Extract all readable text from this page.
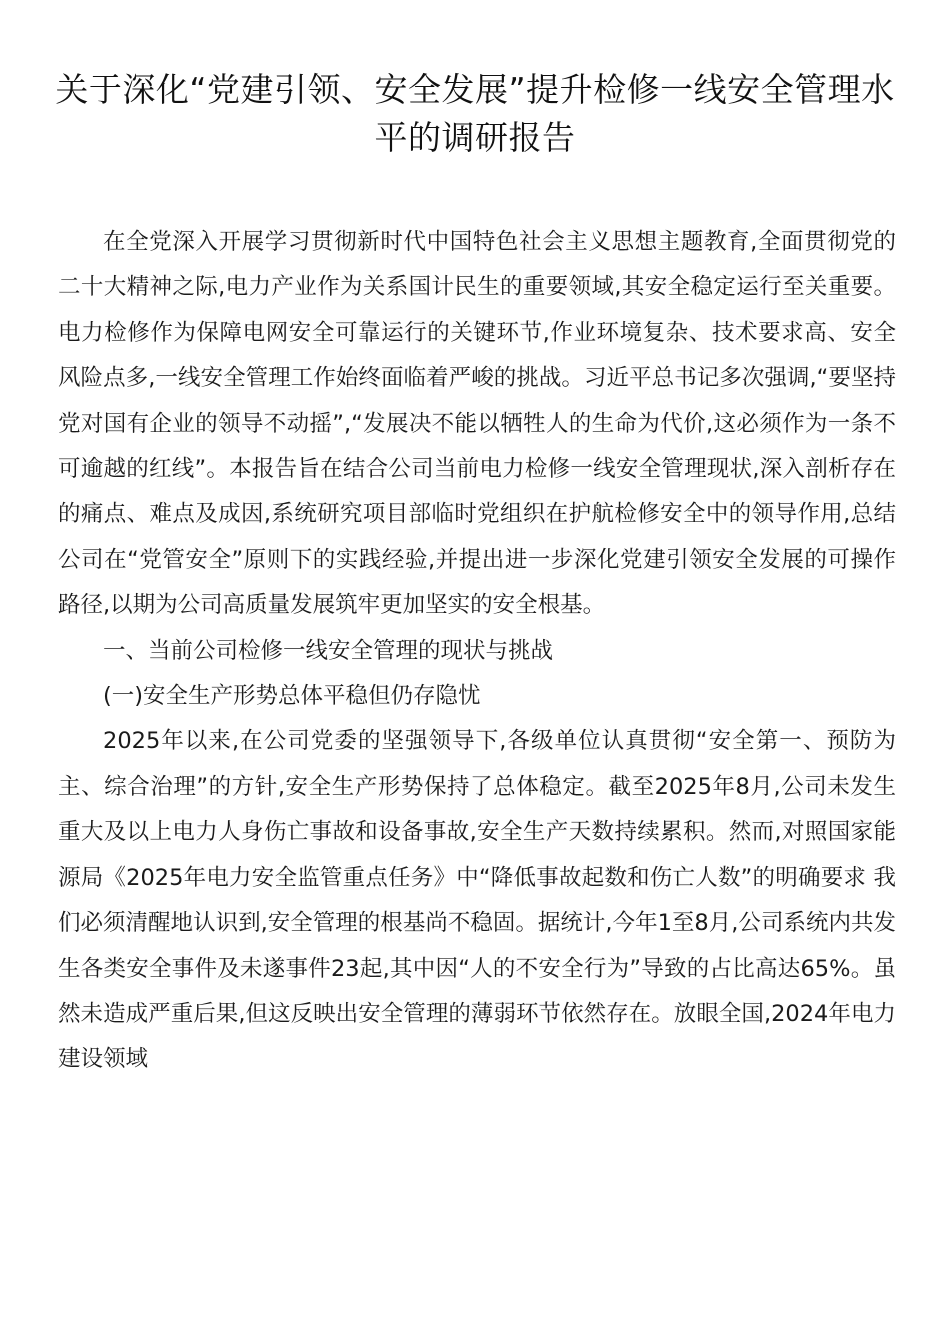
关于深化“党建引领、安全发展”提升检修一线安全管理水平的调研报告

在全党深入开展学习贯彻新时代中国特色社会主义思想主题教育,全面贯彻党的二十大精神之际,电力产业作为关系国计民生的重要领域,其安全稳定运行至关重要。电力检修作为保障电网安全可靠运行的关键环节,作业环境复杂、技术要求高、安全风险点多,一线安全管理工作始终面临着严峻的挑战。习近平总书记多次强调,“要坚持党对国有企业的领导不动摇”,“发展决不能以牺牲人的生命为代价,这必须作为一条不可逾越的红线”。本报告旨在结合公司当前电力检修一线安全管理现状,深入剖析存在的痛点、难点及成因,系统研究项目部临时党组织在护航检修安全中的领导作用,总结公司在“党管安全”原则下的实践经验,并提出进一步深化党建引领安全发展的可操作路径,以期为公司高质量发展筑牢更加坚实的安全根基。

一、当前公司检修一线安全管理的现状与挑战

(一)安全生产形势总体平稳但仍存隐忧

2025年以来,在公司党委的坚强领导下,各级单位认真贯彻“安全第一、预防为主、综合治理”的方针,安全生产形势保持了总体稳定。截至2025年8月,公司未发生重大及以上电力人身伤亡事故和设备事故,安全生产天数持续累积。然而,对照国家能源局《2025年电力安全监管重点任务》中“降低事故起数和伤亡人数”的明确要求 我们必须清醒地认识到,安全管理的根基尚不稳固。据统计,今年1至8月,公司系统内共发生各类安全事件及未遂事件23起,其中因“人的不安全行为”导致的占比高达65%。虽然未造成严重后果,但这反映出安全管理的薄弱环节依然存在。放眼全国,2024年电力建设领域
